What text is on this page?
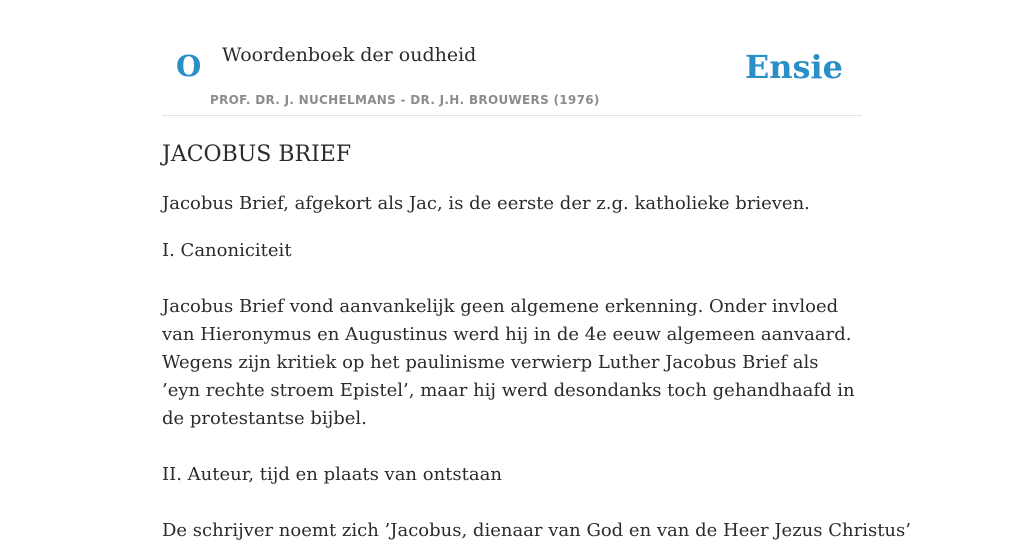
O Woordenboek der oudheid
PROF. DR. J. NUCHELMANS - DR. J.H. BROUWERS (1976)
Ensie
JACOBUS BRIEF

Jacobus Brief, afgekort als Jac, is de eerste der z.g. katholieke brieven.

I. Canoniciteit

Jacobus Brief vond aanvankelijk geen algemene erkenning. Onder invloed van Hieronymus en Augustinus werd hij in de 4e eeuw algemeen aanvaard. Wegens zijn kritiek op het paulinisme verwierp Luther Jacobus Brief als ’eyn rechte stroem Epistel’, maar hij werd desondanks toch gehandhaafd in de protestantse bijbel.

II. Auteur, tijd en plaats van ontstaan

De schrijver noemt zich ’Jacobus, dienaar van God en van de Heer Jezus Christus’
